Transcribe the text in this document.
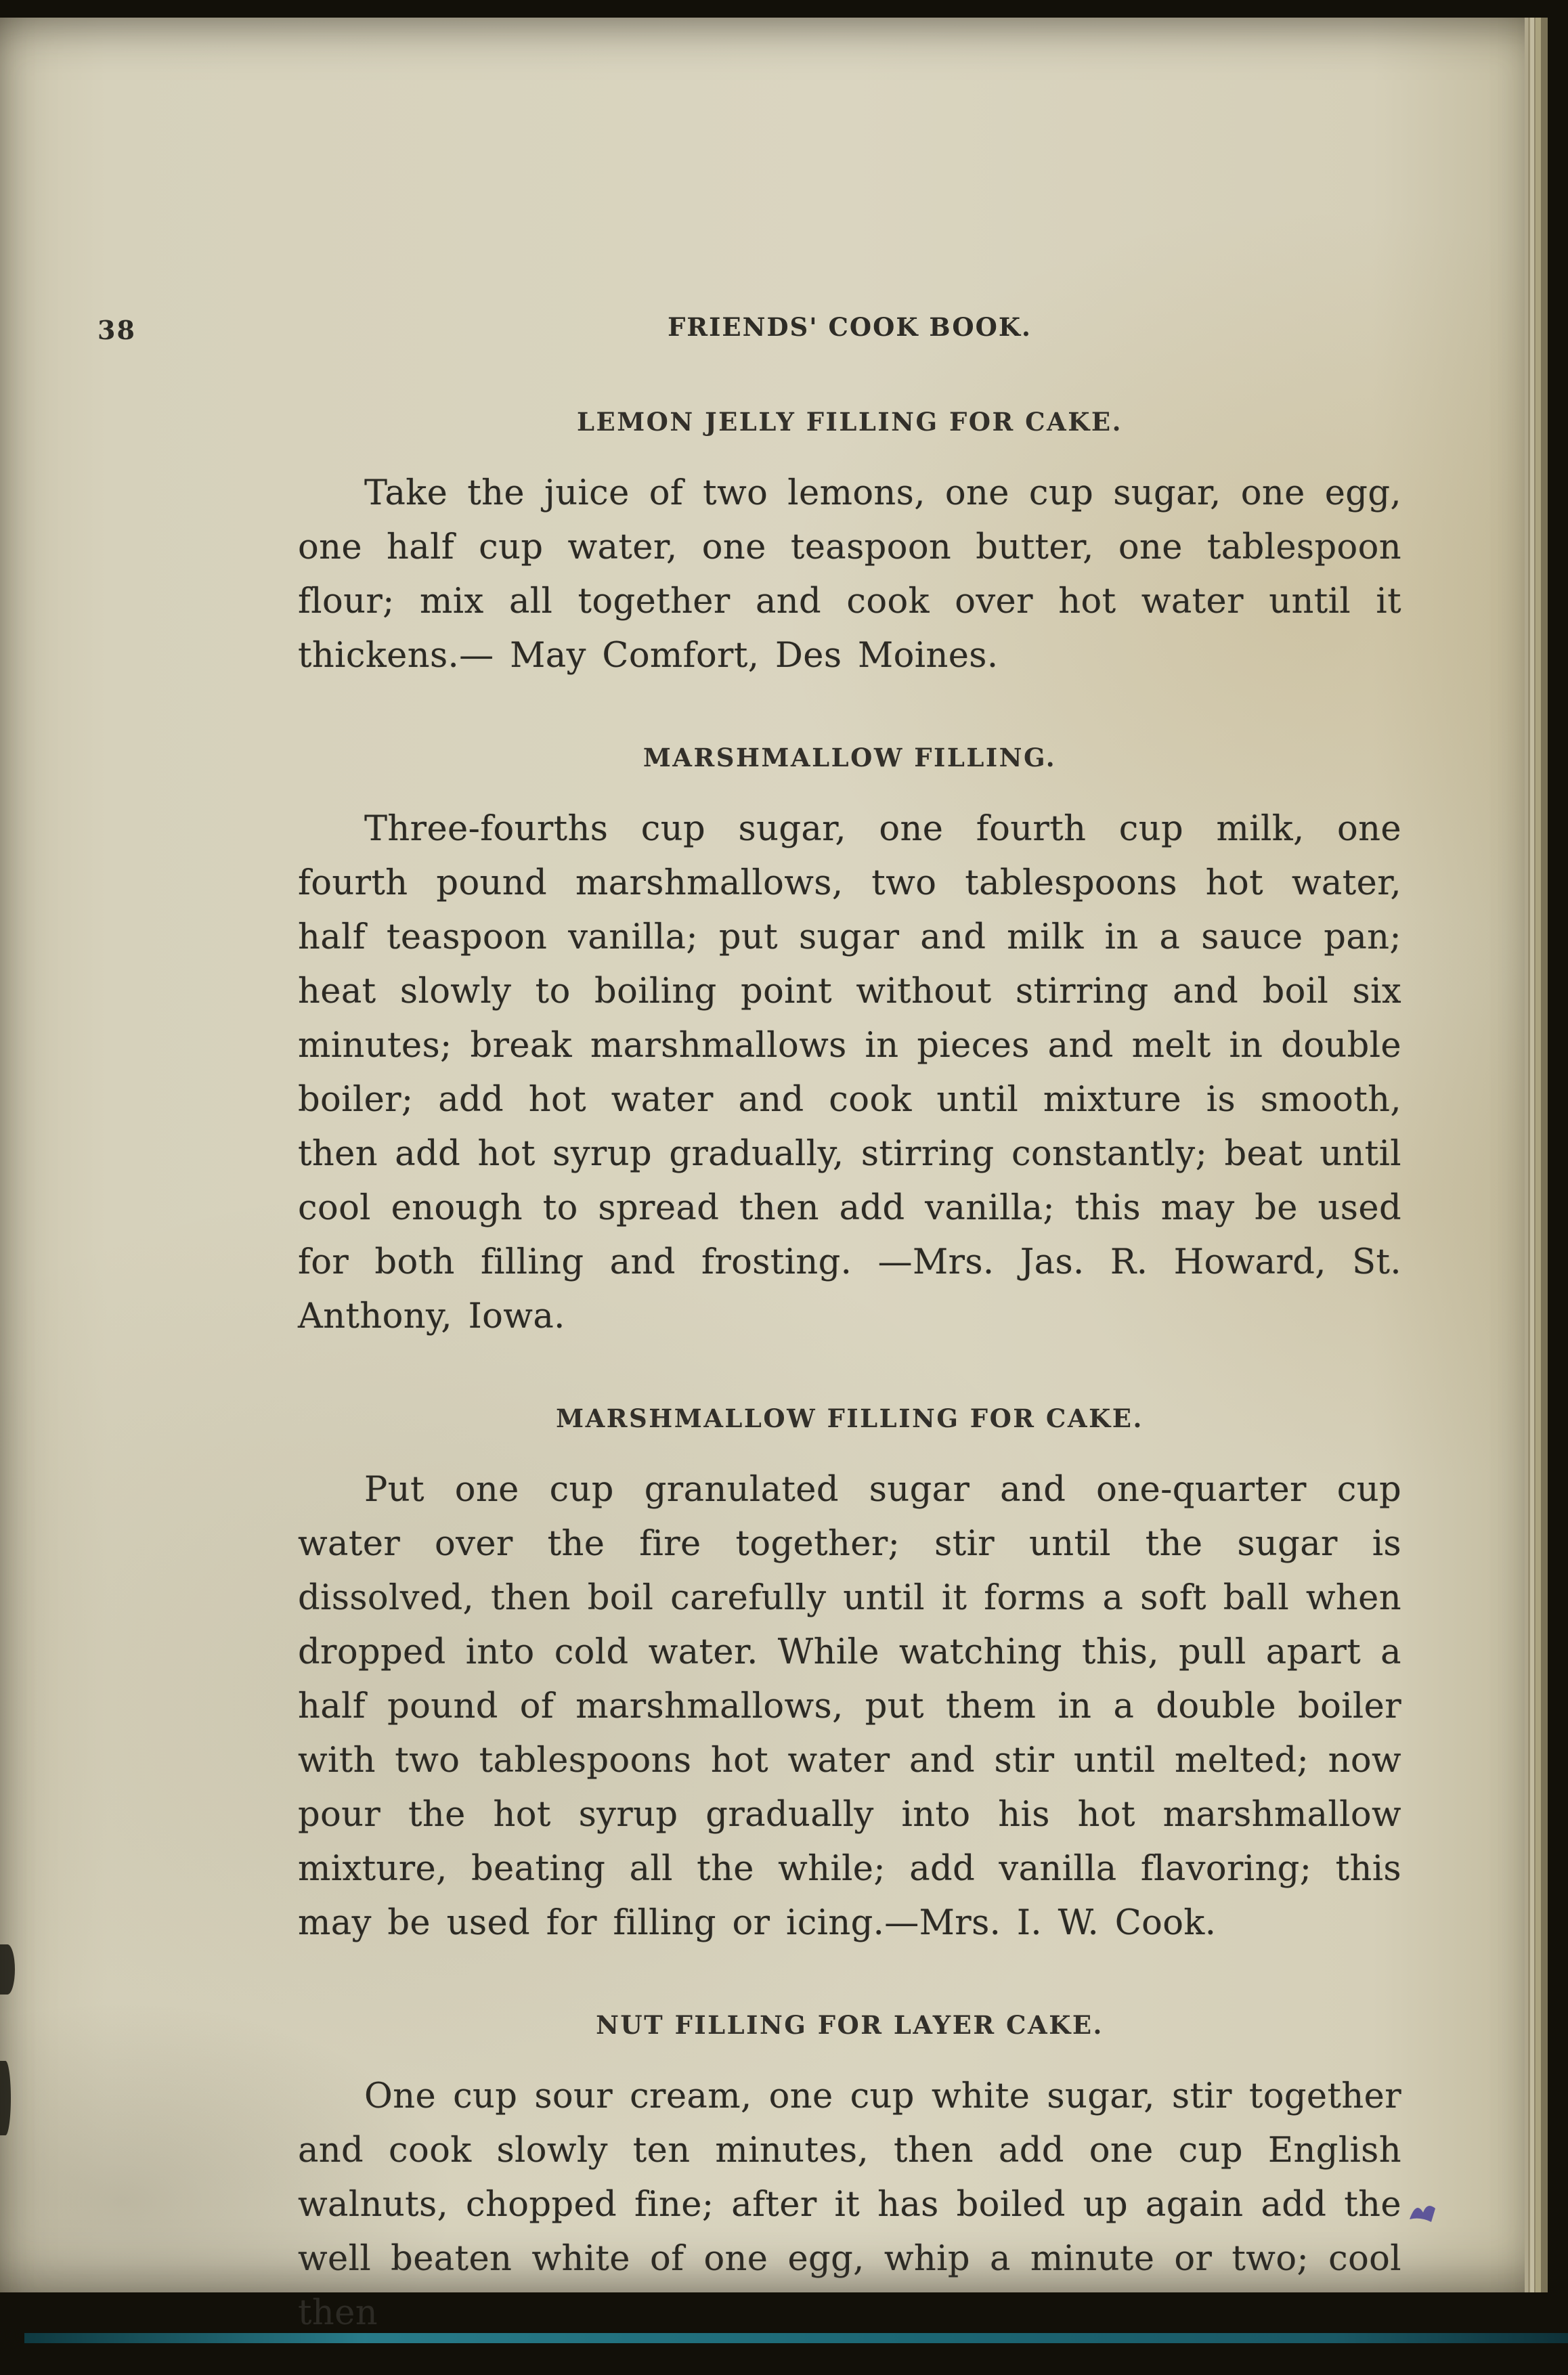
38	FRIENDS' COOK BOOK.
LEMON JELLY FILLING FOR CAKE.

Take the juice of two lemons, one cup sugar, one egg, one half cup water, one teaspoon butter, one tablespoon flour; mix all together and cook over hot water until it thickens.— May Comfort, Des Moines.

MARSHMALLOW FILLING.

Three-fourths cup sugar, one fourth cup milk, one fourth pound marshmallows, two tablespoons hot water, half teaspoon vanilla; put sugar and milk in a sauce pan; heat slowly to boiling point without stirring and boil six minutes; break marshmallows in pieces and melt in double boiler; add hot water and cook until mixture is smooth, then add hot syrup gradually, stirring constantly; beat until cool enough to spread then add vanilla; this may be used for both filling and frosting. —Mrs. Jas. R. Howard, St. Anthony, Iowa.

MARSHMALLOW FILLING FOR CAKE.

Put one cup granulated sugar and one-quarter cup water over the fire together; stir until the sugar is dissolved, then boil carefully until it forms a soft ball when dropped into cold water. While watching this, pull apart a half pound of marshmallows, put them in a double boiler with two tablespoons hot water and stir until melted; now pour the hot syrup gradually into his hot marshmallow mixture, beating all the while; add vanilla flavoring; this may be used for filling or icing.—Mrs. I. W. Cook.

NUT FILLING FOR LAYER CAKE.

One cup sour cream, one cup white sugar, stir together and cook slowly ten minutes, then add one cup English walnuts, chopped fine; after it has boiled up again add the well beaten white of one egg, whip a minute or two; cool then
